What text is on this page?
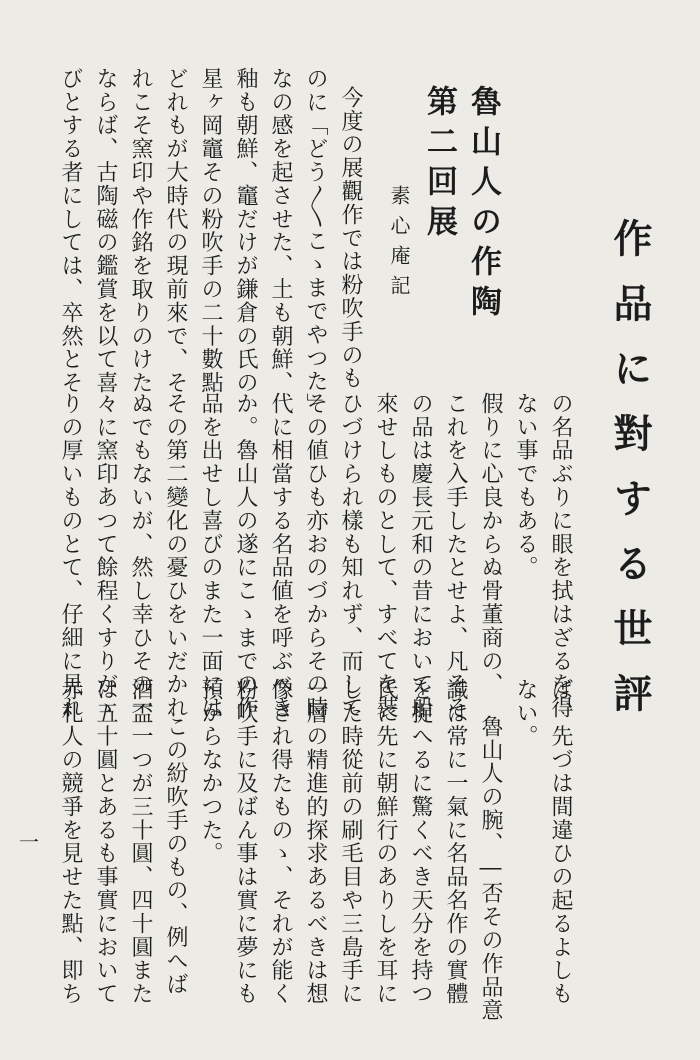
作品に對する世評

ば、先づは間違ひの起るよしも

ない。 の名品ぶりに眼を拭はざるを得

ない事でもある。

假りに心良からぬ骨董商の、

これを入手したとせよ、凡そそ

の品は慶長元和の昔において船

來せしものとして、すべてを裝

ひづけられ樣も知れず、而して

その値ひも亦おのづからその時

代に相當する名品値を呼ぶべき

か。魯山人の遂にこゝまでの作

品を出せし喜びのまた一面には

その第二變化の憂ひをいだかれ

ぬでもないが、然し幸ひその一

々に窯印あつて餘程くすりがゝ

りの厚いものとて、仔細に見れ

魯山人の作陶
第二回展

素心庵記

今度の展觀作では粉吹手のも

のに「どう〳〵こゝまでやつた」

なの感を起させた、土も朝鮮、

釉も朝鮮、竈だけが鎌倉の氏の

星ヶ岡竈その粉吹手の二十數點

どれもが大時代の現前來で、そ

れこそ窯印や作銘を取りのけた

ならば、古陶磁の鑑賞を以て喜

びとする者にしては、卒然とそ

魯山人の腕、―否その作品意

識は常に一氣に名品名作の實體

を捉へるに驚くべき天分を持つ

氏に先に朝鮮行のありしを耳に

した時從前の刷毛目や三島手に

一層の精進的探求あるべきは想

像され得たものゝ、それが能く

粉吹手に及ばん事は實に夢にも

預からなかつた。

この紛吹手のもの、例へば

酒盃一つが三十圓、四十圓また

は五十圓とあるも事實において

赤札人の競爭を見せた點、即ち

一
